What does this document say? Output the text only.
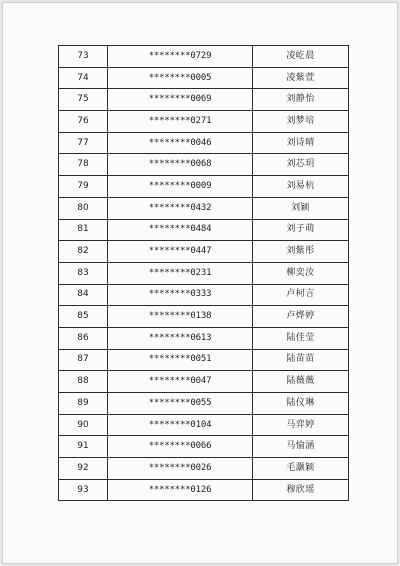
73	********0729	凌屹晨
74	********0005	凌紫萱
75	********0069	刘静怡
76	********0271	刘梦培
77	********0046	刘诗晴
78	********0068	刘芯玥
79	********0009	刘易杭
80	********0432	刘颖
81	********0484	刘子萌
82	********0447	刘紫彤
83	********0231	柳奕汝
84	********0333	卢柯言
85	********0138	卢烨婷
86	********0613	陆佳莹
87	********0051	陆苗苗
88	********0047	陆薇薇
89	********0055	陆仪琳
90	********0104	马弈婷
91	********0066	马愉涵
92	********0026	毛灏颖
93	********0126	穆欣瑶
